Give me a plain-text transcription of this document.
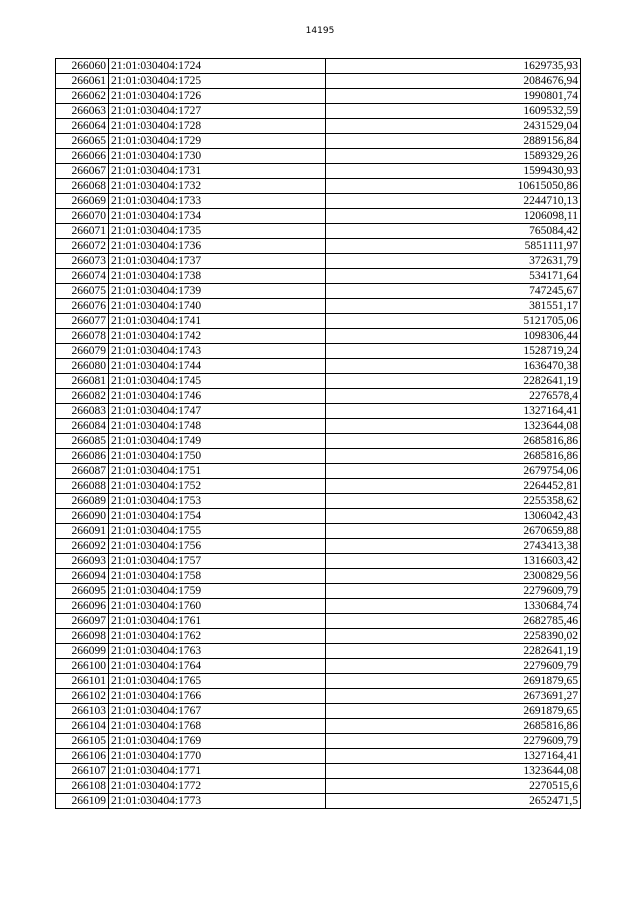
14195
266060	21:01:030404:1724	1629735,93
266061	21:01:030404:1725	2084676,94
266062	21:01:030404:1726	1990801,74
266063	21:01:030404:1727	1609532,59
266064	21:01:030404:1728	2431529,04
266065	21:01:030404:1729	2889156,84
266066	21:01:030404:1730	1589329,26
266067	21:01:030404:1731	1599430,93
266068	21:01:030404:1732	10615050,86
266069	21:01:030404:1733	2244710,13
266070	21:01:030404:1734	1206098,11
266071	21:01:030404:1735	765084,42
266072	21:01:030404:1736	5851111,97
266073	21:01:030404:1737	372631,79
266074	21:01:030404:1738	534171,64
266075	21:01:030404:1739	747245,67
266076	21:01:030404:1740	381551,17
266077	21:01:030404:1741	5121705,06
266078	21:01:030404:1742	1098306,44
266079	21:01:030404:1743	1528719,24
266080	21:01:030404:1744	1636470,38
266081	21:01:030404:1745	2282641,19
266082	21:01:030404:1746	2276578,4
266083	21:01:030404:1747	1327164,41
266084	21:01:030404:1748	1323644,08
266085	21:01:030404:1749	2685816,86
266086	21:01:030404:1750	2685816,86
266087	21:01:030404:1751	2679754,06
266088	21:01:030404:1752	2264452,81
266089	21:01:030404:1753	2255358,62
266090	21:01:030404:1754	1306042,43
266091	21:01:030404:1755	2670659,88
266092	21:01:030404:1756	2743413,38
266093	21:01:030404:1757	1316603,42
266094	21:01:030404:1758	2300829,56
266095	21:01:030404:1759	2279609,79
266096	21:01:030404:1760	1330684,74
266097	21:01:030404:1761	2682785,46
266098	21:01:030404:1762	2258390,02
266099	21:01:030404:1763	2282641,19
266100	21:01:030404:1764	2279609,79
266101	21:01:030404:1765	2691879,65
266102	21:01:030404:1766	2673691,27
266103	21:01:030404:1767	2691879,65
266104	21:01:030404:1768	2685816,86
266105	21:01:030404:1769	2279609,79
266106	21:01:030404:1770	1327164,41
266107	21:01:030404:1771	1323644,08
266108	21:01:030404:1772	2270515,6
266109	21:01:030404:1773	2652471,5
